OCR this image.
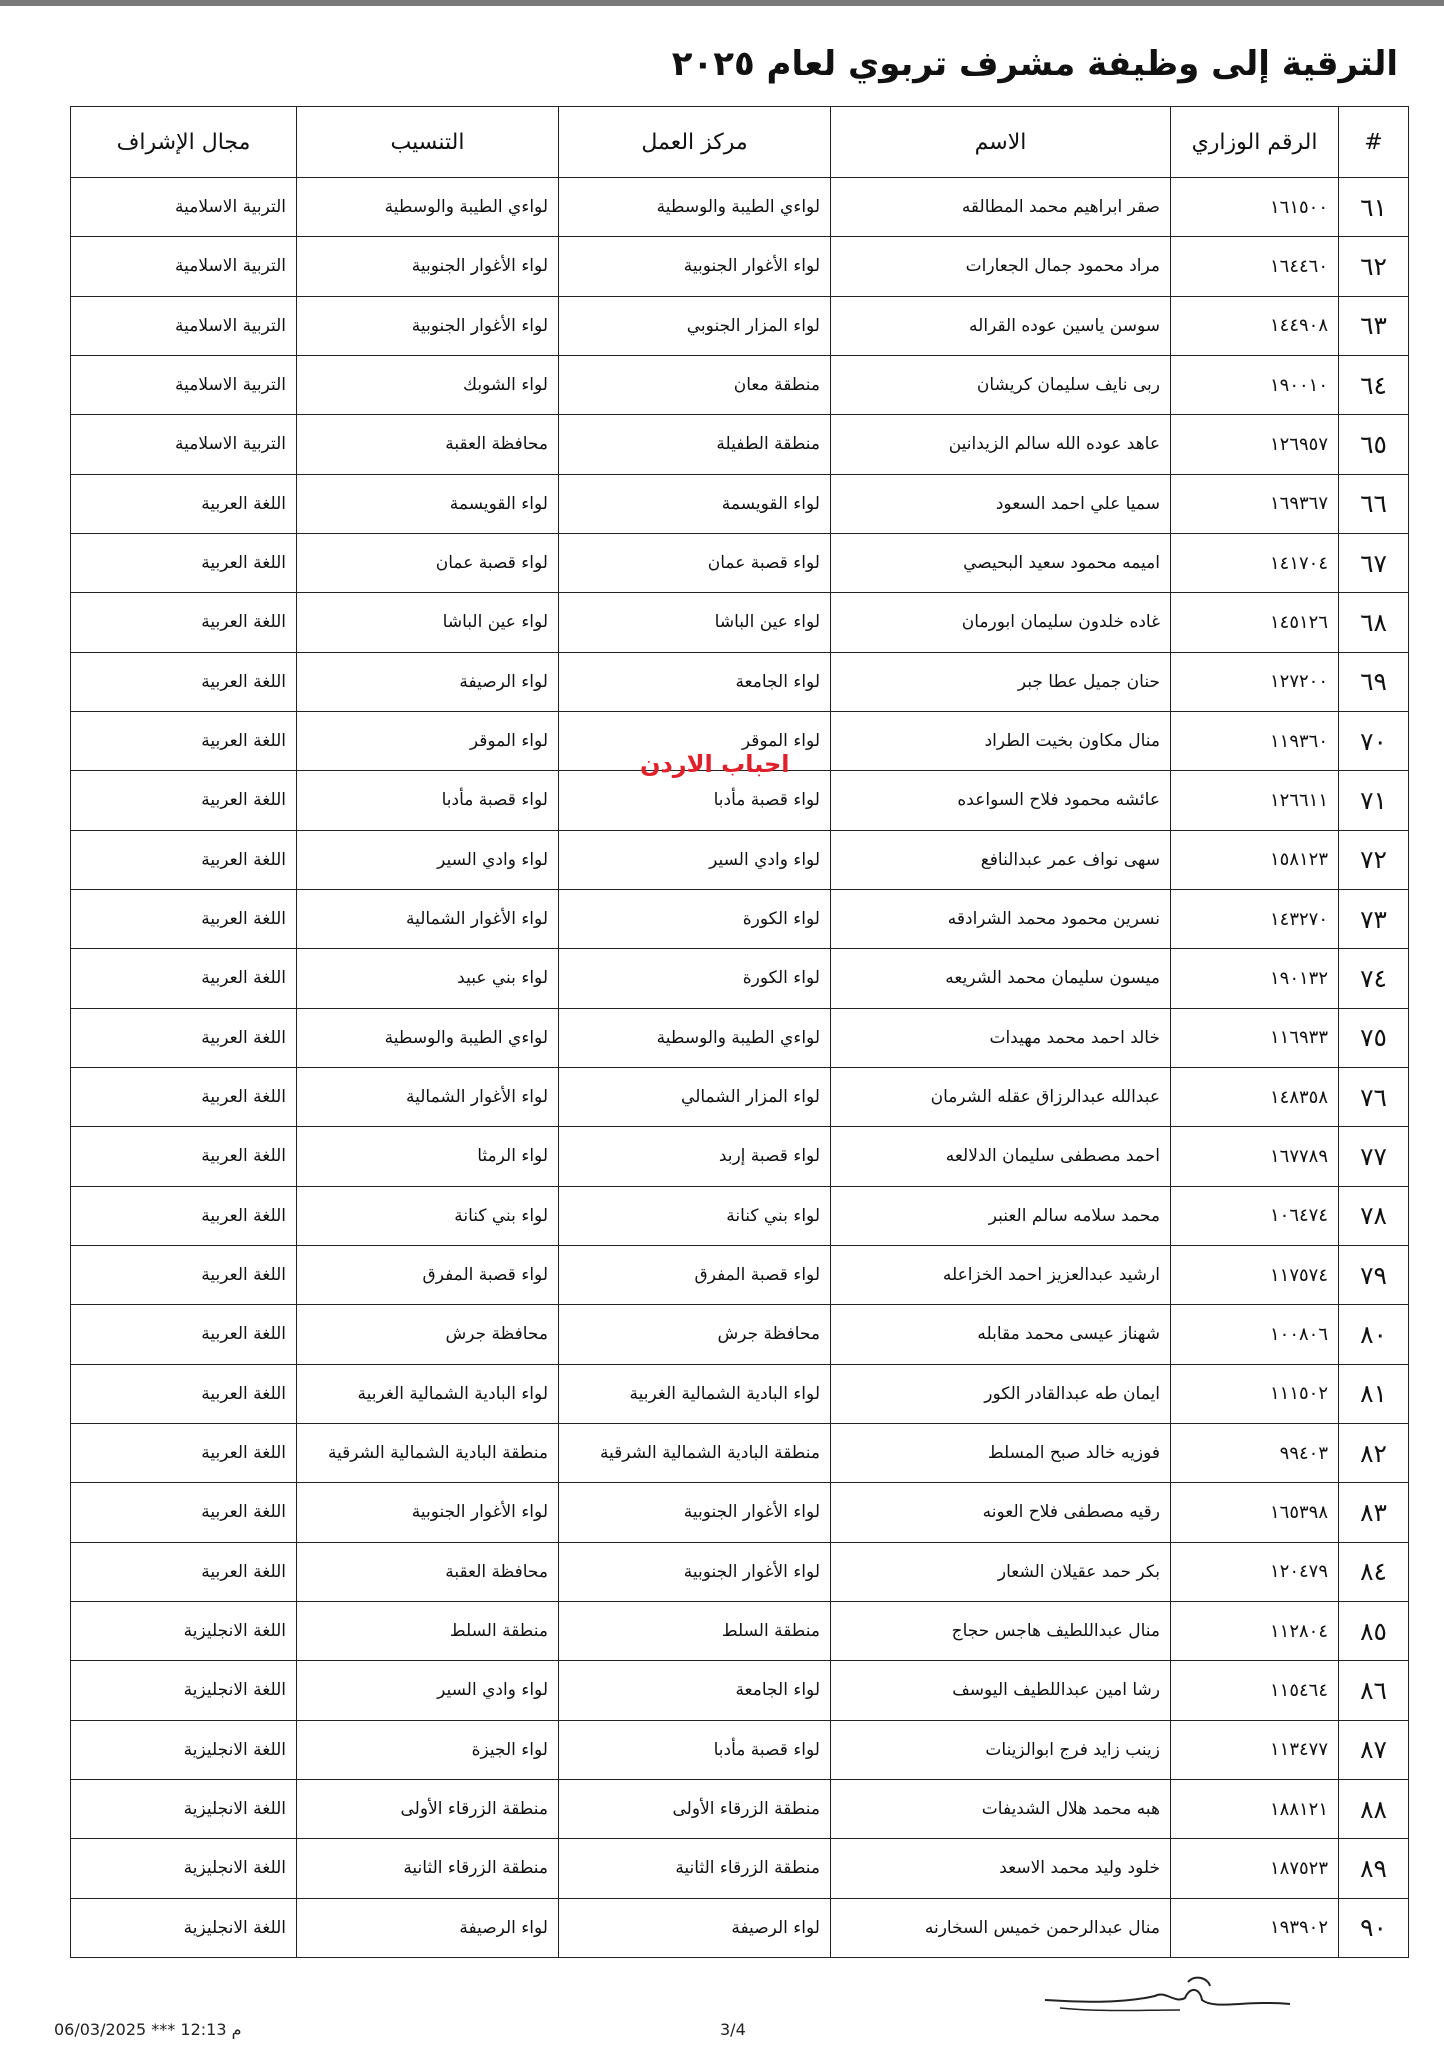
الترقية إلى وظيفة مشرف تربوي لعام ٢٠٢٥
#	الرقم الوزاري	الاسم	مركز العمل	التنسيب	مجال الإشراف
٦١	١٦١٥٠٠	صقر ابراهيم محمد المطالقه	لواءي الطيبة والوسطية	لواءي الطيبة والوسطية	التربية الاسلامية
٦٢	١٦٤٤٦٠	مراد محمود جمال الجعارات	لواء الأغوار الجنوبية	لواء الأغوار الجنوبية	التربية الاسلامية
٦٣	١٤٤٩٠٨	سوسن ياسين عوده القراله	لواء المزار الجنوبي	لواء الأغوار الجنوبية	التربية الاسلامية
٦٤	١٩٠٠١٠	ربى نايف سليمان كريشان	منطقة معان	لواء الشوبك	التربية الاسلامية
٦٥	١٢٦٩٥٧	عاهد عوده الله سالم الزيدانين	منطقة الطفيلة	محافظة العقبة	التربية الاسلامية
٦٦	١٦٩٣٦٧	سميا علي احمد السعود	لواء القويسمة	لواء القويسمة	اللغة العربية
٦٧	١٤١٧٠٤	اميمه محمود سعيد البحيصي	لواء قصبة عمان	لواء قصبة عمان	اللغة العربية
٦٨	١٤٥١٢٦	غاده خلدون سليمان ابورمان	لواء عين الباشا	لواء عين الباشا	اللغة العربية
٦٩	١٢٧٢٠٠	حنان جميل عطا جبر	لواء الجامعة	لواء الرصيفة	اللغة العربية
٧٠	١١٩٣٦٠	منال مكاون بخيت الطراد	لواء الموقر	لواء الموقر	اللغة العربية
٧١	١٢٦٦١١	عائشه محمود فلاح السواعده	لواء قصبة مأدبا	لواء قصبة مأدبا	اللغة العربية
٧٢	١٥٨١٢٣	سهى نواف عمر عبدالنافع	لواء وادي السير	لواء وادي السير	اللغة العربية
٧٣	١٤٣٢٧٠	نسرين محمود محمد الشرادقه	لواء الكورة	لواء الأغوار الشمالية	اللغة العربية
٧٤	١٩٠١٣٢	ميسون سليمان محمد الشريعه	لواء الكورة	لواء بني عبيد	اللغة العربية
٧٥	١١٦٩٣٣	خالد احمد محمد مهيدات	لواءي الطيبة والوسطية	لواءي الطيبة والوسطية	اللغة العربية
٧٦	١٤٨٣٥٨	عبدالله عبدالرزاق عقله الشرمان	لواء المزار الشمالي	لواء الأغوار الشمالية	اللغة العربية
٧٧	١٦٧٧٨٩	احمد مصطفى سليمان الدلالعه	لواء قصبة إربد	لواء الرمثا	اللغة العربية
٧٨	١٠٦٤٧٤	محمد سلامه سالم العنبر	لواء بني كنانة	لواء بني كنانة	اللغة العربية
٧٩	١١٧٥٧٤	ارشيد عبدالعزيز احمد الخزاعله	لواء قصبة المفرق	لواء قصبة المفرق	اللغة العربية
٨٠	١٠٠٨٠٦	شهناز عيسى محمد مقابله	محافظة جرش	محافظة جرش	اللغة العربية
٨١	١١١٥٠٢	ايمان طه عبدالقادر الكور	لواء البادية الشمالية الغربية	لواء البادية الشمالية الغربية	اللغة العربية
٨٢	٩٩٤٠٣	فوزيه خالد صبح المسلط	منطقة البادية الشمالية الشرقية	منطقة البادية الشمالية الشرقية	اللغة العربية
٨٣	١٦٥٣٩٨	رقيه مصطفى فلاح العونه	لواء الأغوار الجنوبية	لواء الأغوار الجنوبية	اللغة العربية
٨٤	١٢٠٤٧٩	بكر حمد عقيلان الشعار	لواء الأغوار الجنوبية	محافظة العقبة	اللغة العربية
٨٥	١١٢٨٠٤	منال عبداللطيف هاجس حجاج	منطقة السلط	منطقة السلط	اللغة الانجليزية
٨٦	١١٥٤٦٤	رشا امين عبداللطيف اليوسف	لواء الجامعة	لواء وادي السير	اللغة الانجليزية
٨٧	١١٣٤٧٧	زينب زايد فرج ابوالزينات	لواء قصبة مأدبا	لواء الجيزة	اللغة الانجليزية
٨٨	١٨٨١٢١	هبه محمد هلال الشديفات	منطقة الزرقاء الأولى	منطقة الزرقاء الأولى	اللغة الانجليزية
٨٩	١٨٧٥٢٣	خلود وليد محمد الاسعد	منطقة الزرقاء الثانية	منطقة الزرقاء الثانية	اللغة الانجليزية
٩٠	١٩٣٩٠٢	منال عبدالرحمن خميس السخارنه	لواء الرصيفة	لواء الرصيفة	اللغة الانجليزية
احباب الاردن
06/03/2025 *** 12:13 م	3/4
